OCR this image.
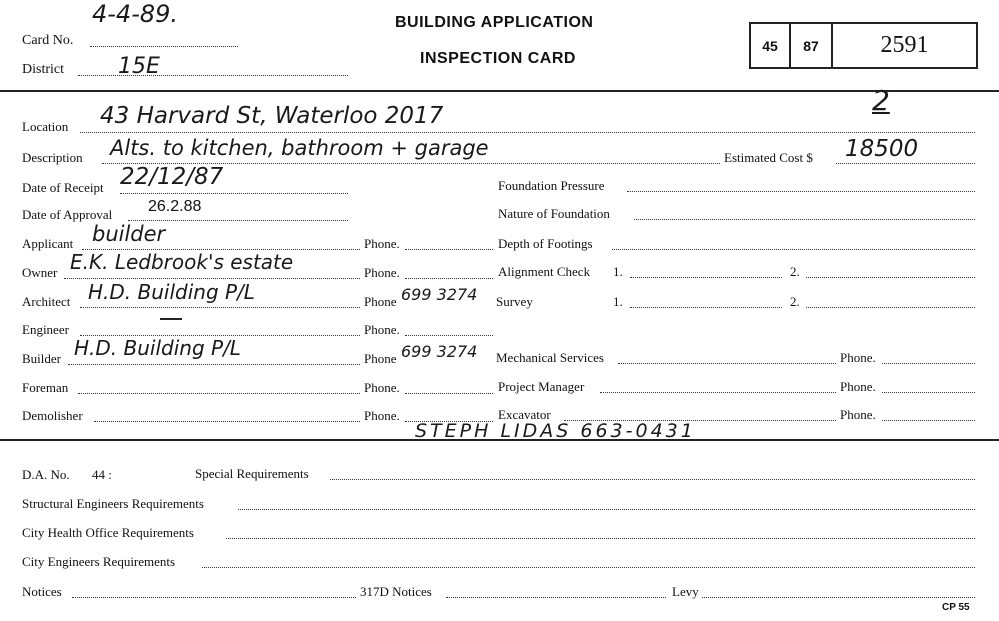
4-4-89.
Card No.
District 15E
BUILDING APPLICATION
INSPECTION CARD
45	87	2591
2
Location 43 Harvard St, Waterloo 2017
Description Alts. to kitchen, bathroom + garage	Estimated Cost $ 18500
Date of Receipt 22/12/87	Foundation Pressure
Date of Approval 26.2.88	Nature of Foundation
Applicant builder	Phone.	Depth of Footings
Owner E.K. Ledbrook's estate	Phone.	Alignment Check 1.	2.
Architect H.D. Building P/L	Phone 699 3274 Survey	1.	2.
Engineer	Phone.
Builder H.D. Building P/L	Phone 699 3274 Mechanical Services	Phone.
Foreman	Phone.	Project Manager	Phone.
Demolisher	Phone.	Excavator	Phone.
STEPH LIDAS 663-0431
D.A. No. 44 :	Special Requirements
Structural Engineers Requirements
City Health Office Requirements
City Engineers Requirements
Notices	317D Notices	Levy
CP 55
